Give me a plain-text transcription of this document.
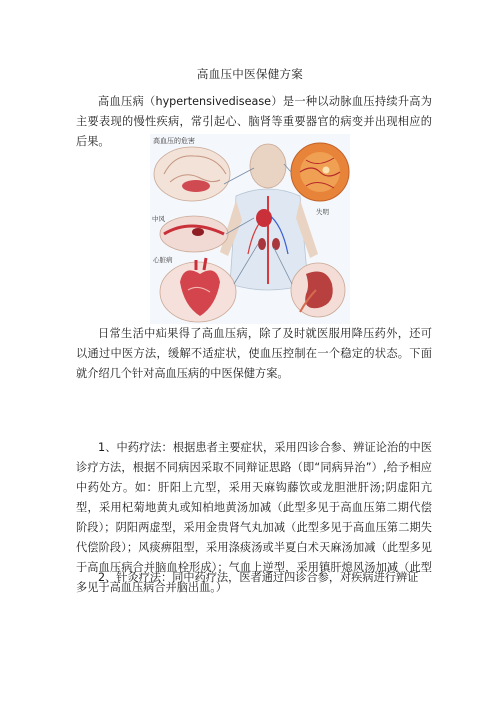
高血压中医保健方案

高血压病（hypertensivedisease）是一种以动脉血压持续升高为主要表现的慢性疾病，常引起心、脑肾等重要器官的病变并出现相应的后果。	高血压的危害
中风
心脏病
失明

日常生活中疝果得了高血压病，除了及时就医服用降压药外，还可以通过中医方法，缓解不适症状，使血压控制在一个稳定的状态。下面就介绍几个针对高血压病的中医保健方案。

1、中药疗法：根据患者主要症状，采用四诊合参、辨证论治的中医诊疗方法，根据不同病因采取不同辩证思路（即“同病异治”）,给予相应中药处方。如：肝阳上亢型，采用天麻钩藤饮或龙胆泄肝汤;阴虚阳亢型，采用杞菊地黄丸或知柏地黄汤加减（此型多见于高血压第二期代偿阶段）；阴阳两虚型，采用金贵肾气丸加减（此型多见于高血压第二期失代偿阶段）；风痰痹阻型，采用涤痰汤或半夏白术天麻汤加减（此型多见于高血压病合并脑血栓形成）；气血上逆型，采用镇肝熄风汤加减（此型多见于高血压病合并脑出血。）

2、针灸疗法：同中药疗法，医者通过四诊合参，对疾病进行辨证
